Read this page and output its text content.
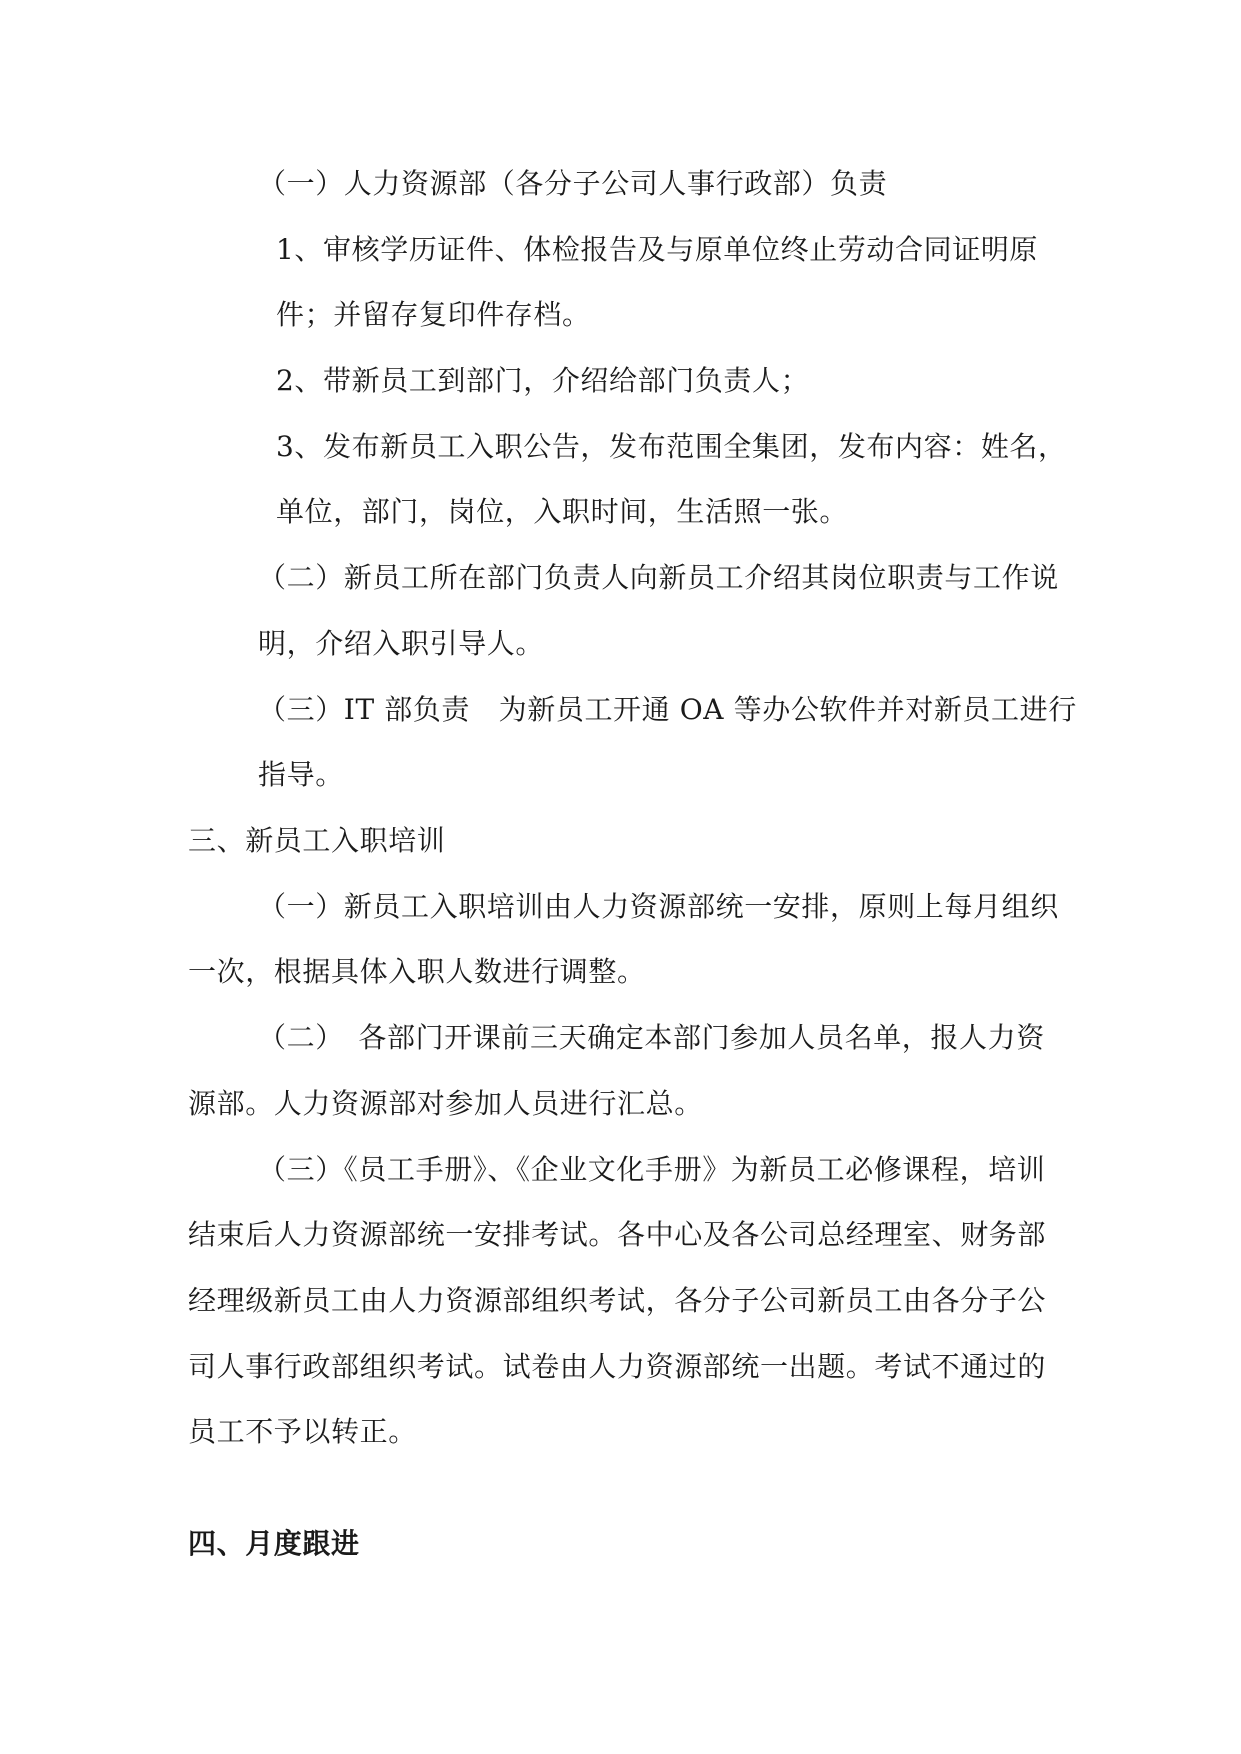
（一）人力资源部（各分子公司人事行政部）负责
1、审核学历证件、体检报告及与原单位终止劳动合同证明原
件；并留存复印件存档。
2、带新员工到部门，介绍给部门负责人；
3、发布新员工入职公告，发布范围全集团，发布内容：姓名，
单位，部门，岗位，入职时间，生活照一张。
（二）新员工所在部门负责人向新员工介绍其岗位职责与工作说
明，介绍入职引导人。
（三）IT 部负责　为新员工开通 OA 等办公软件并对新员工进行
指导。
三、新员工入职培训
（一）新员工入职培训由人力资源部统一安排，原则上每月组织
一次，根据具体入职人数进行调整。
（二）　各部门开课前三天确定本部门参加人员名单，报人力资
源部。人力资源部对参加人员进行汇总。
（三）《员工手册》、《企业文化手册》为新员工必修课程，培训
结束后人力资源部统一安排考试。各中心及各公司总经理室、财务部
经理级新员工由人力资源部组织考试，各分子公司新员工由各分子公
司人事行政部组织考试。试卷由人力资源部统一出题。考试不通过的
员工不予以转正。
四、月度跟进
